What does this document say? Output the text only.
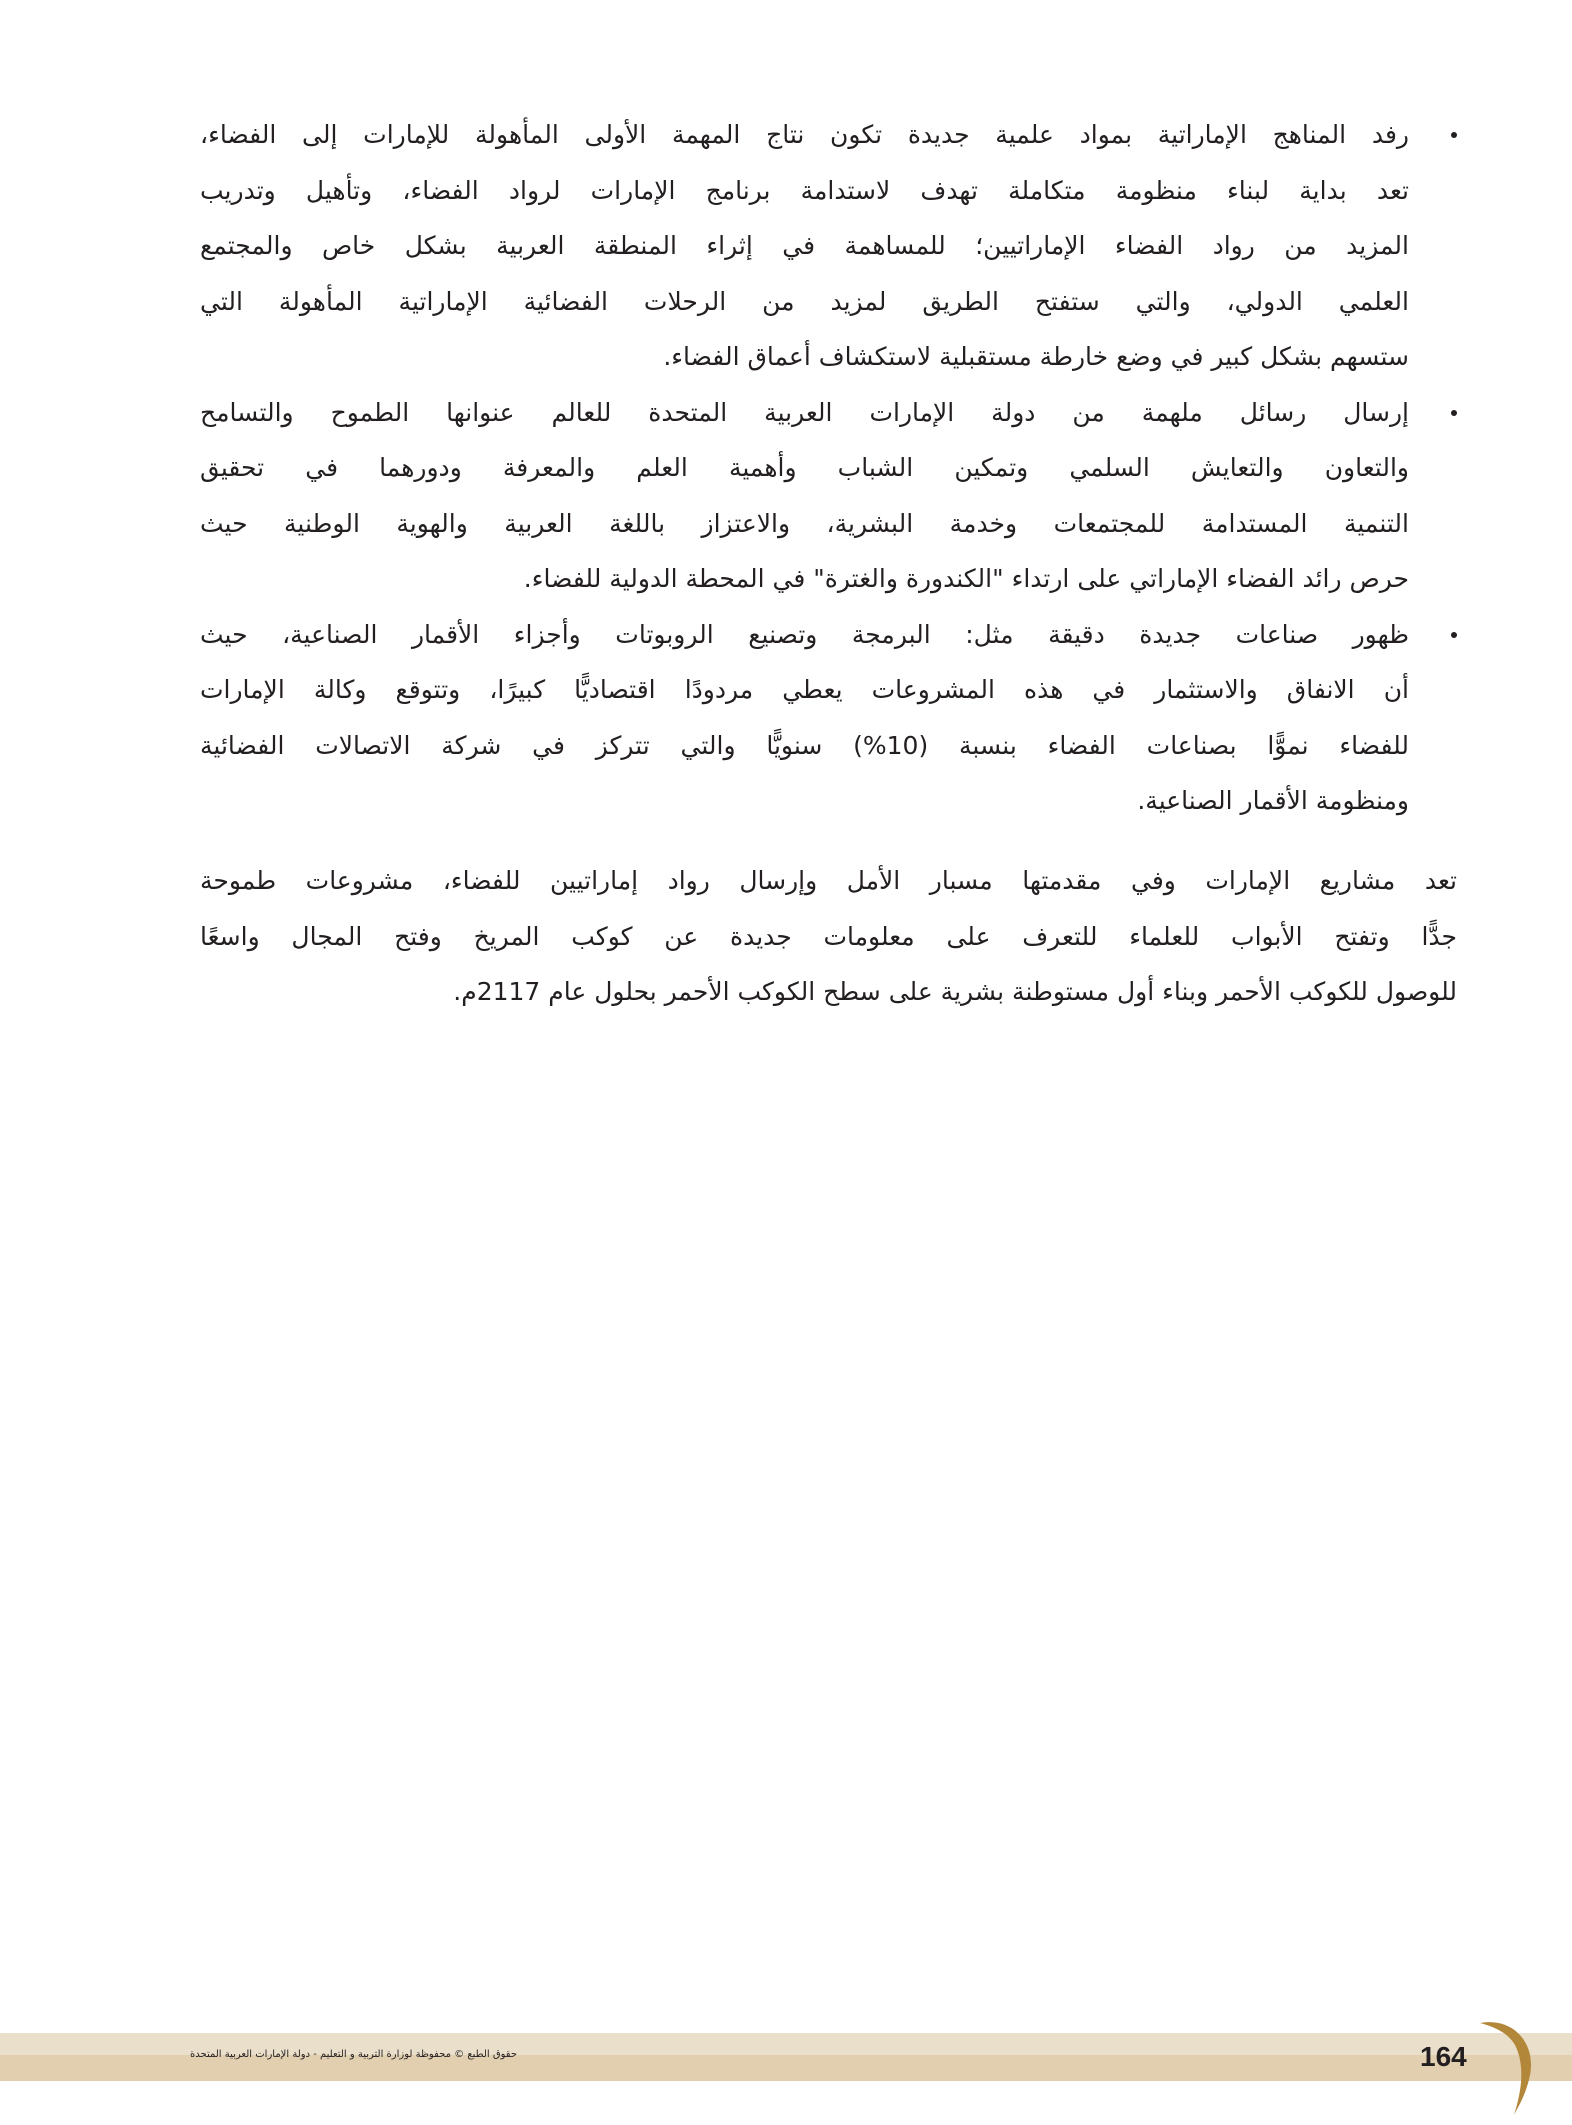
رفد المناهج الإماراتية بمواد علمية جديدة تكون نتاج المهمة الأولى المأهولة للإمارات إلى الفضاء،
تعد بداية لبناء منظومة متكاملة تهدف لاستدامة برنامج الإمارات لرواد الفضاء، وتأهيل وتدريب
المزيد من رواد الفضاء الإماراتيين؛ للمساهمة في إثراء المنطقة العربية بشكل خاص والمجتمع
العلمي الدولي، والتي ستفتح الطريق لمزيد من الرحلات الفضائية الإماراتية المأهولة التي
ستسهم بشكل كبير في وضع خارطة مستقبلية لاستكشاف أعماق الفضاء.
إرسال رسائل ملهمة من دولة الإمارات العربية المتحدة للعالم عنوانها الطموح والتسامح
والتعاون والتعايش السلمي وتمكين الشباب وأهمية العلم والمعرفة ودورهما في تحقيق
التنمية المستدامة للمجتمعات وخدمة البشرية، والاعتزاز باللغة العربية والهوية الوطنية حيث
حرص رائد الفضاء الإماراتي على ارتداء "الكندورة والغترة" في المحطة الدولية للفضاء.
ظهور صناعات جديدة دقيقة مثل: البرمجة وتصنيع الروبوتات وأجزاء الأقمار الصناعية، حيث
أن الانفاق والاستثمار في هذه المشروعات يعطي مردودًا اقتصاديًّا كبيرًا، وتتوقع وكالة الإمارات
للفضاء نموًّا بصناعات الفضاء بنسبة (10%) سنويًّا والتي تتركز في شركة الاتصالات الفضائية
ومنظومة الأقمار الصناعية.
تعد مشاريع الإمارات وفي مقدمتها مسبار الأمل وإرسال رواد إماراتيين للفضاء، مشروعات طموحة
جدًّا وتفتح الأبواب للعلماء للتعرف على معلومات جديدة عن كوكب المريخ وفتح المجال واسعًا
للوصول للكوكب الأحمر وبناء أول مستوطنة بشرية على سطح الكوكب الأحمر بحلول عام 2117م.
حقوق الطبع © محفوظة لوزارة التربية و التعليم - دولة الإمارات العربية المتحدة	164
